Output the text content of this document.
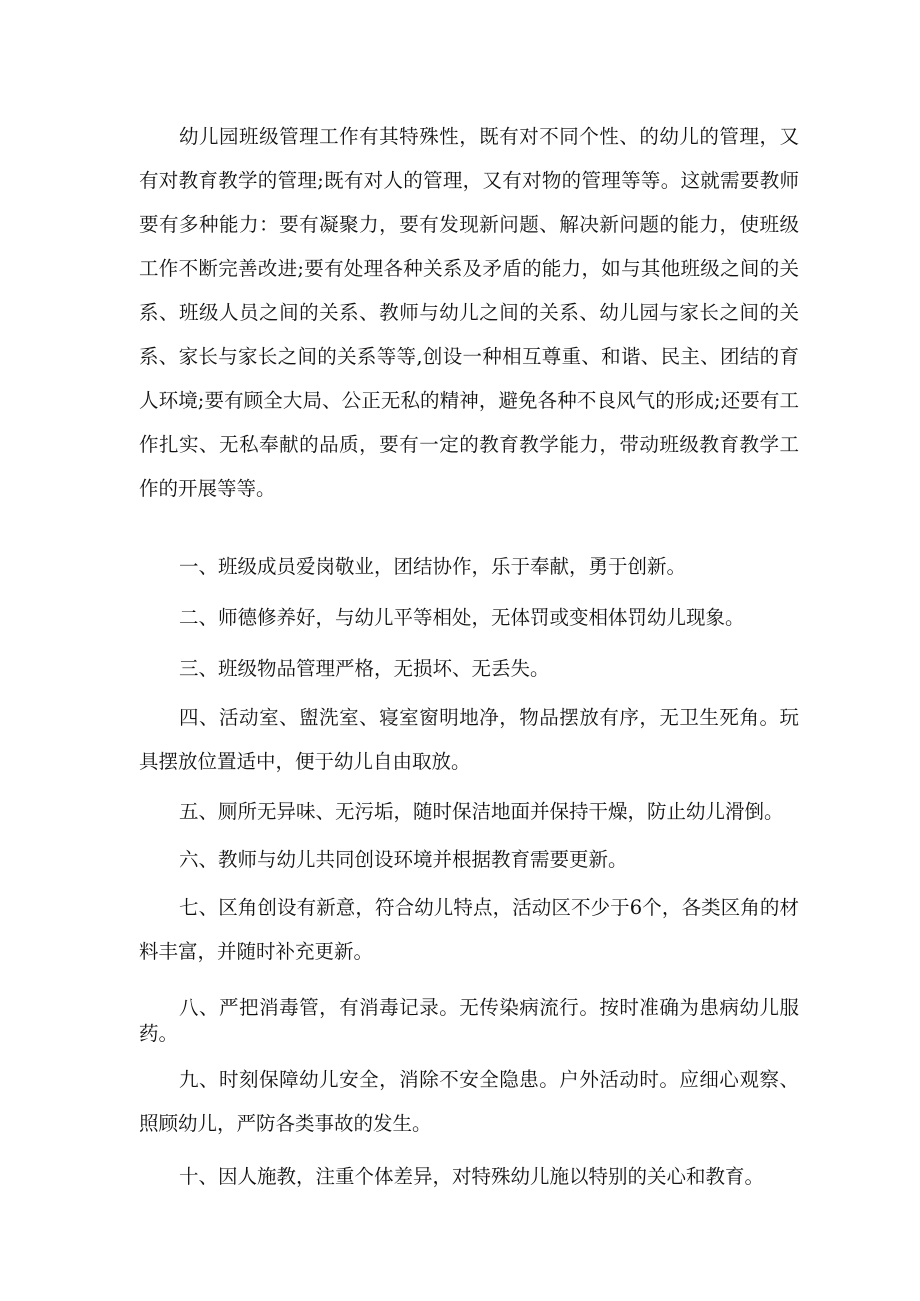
幼儿园班级管理工作有其特殊性，既有对不同个性、的幼儿的管理，又有对教育教学的管理;既有对人的管理，又有对物的管理等等。这就需要教师要有多种能力：要有凝聚力，要有发现新问题、解决新问题的能力，使班级工作不断完善改进;要有处理各种关系及矛盾的能力，如与其他班级之间的关系、班级人员之间的关系、教师与幼儿之间的关系、幼儿园与家长之间的关系、家长与家长之间的关系等等,创设一种相互尊重、和谐、民主、团结的育人环境;要有顾全大局、公正无私的精神，避免各种不良风气的形成;还要有工作扎实、无私奉献的品质，要有一定的教育教学能力，带动班级教育教学工作的开展等等。

一、班级成员爱岗敬业，团结协作，乐于奉献，勇于创新。

二、师德修养好，与幼儿平等相处，无体罚或变相体罚幼儿现象。

三、班级物品管理严格，无损坏、无丢失。

四、活动室、盥洗室、寝室窗明地净，物品摆放有序，无卫生死角。玩具摆放位置适中，便于幼儿自由取放。

五、厕所无异味、无污垢，随时保洁地面并保持干燥，防止幼儿滑倒。

六、教师与幼儿共同创设环境并根据教育需要更新。

七、区角创设有新意，符合幼儿特点，活动区不少于6个，各类区角的材料丰富，并随时补充更新。

八、严把消毒管，有消毒记录。无传染病流行。按时准确为患病幼儿服药。

九、时刻保障幼儿安全，消除不安全隐患。户外活动时。应细心观察、照顾幼儿，严防各类事故的发生。

十、因人施教，注重个体差异，对特殊幼儿施以特别的关心和教育。
